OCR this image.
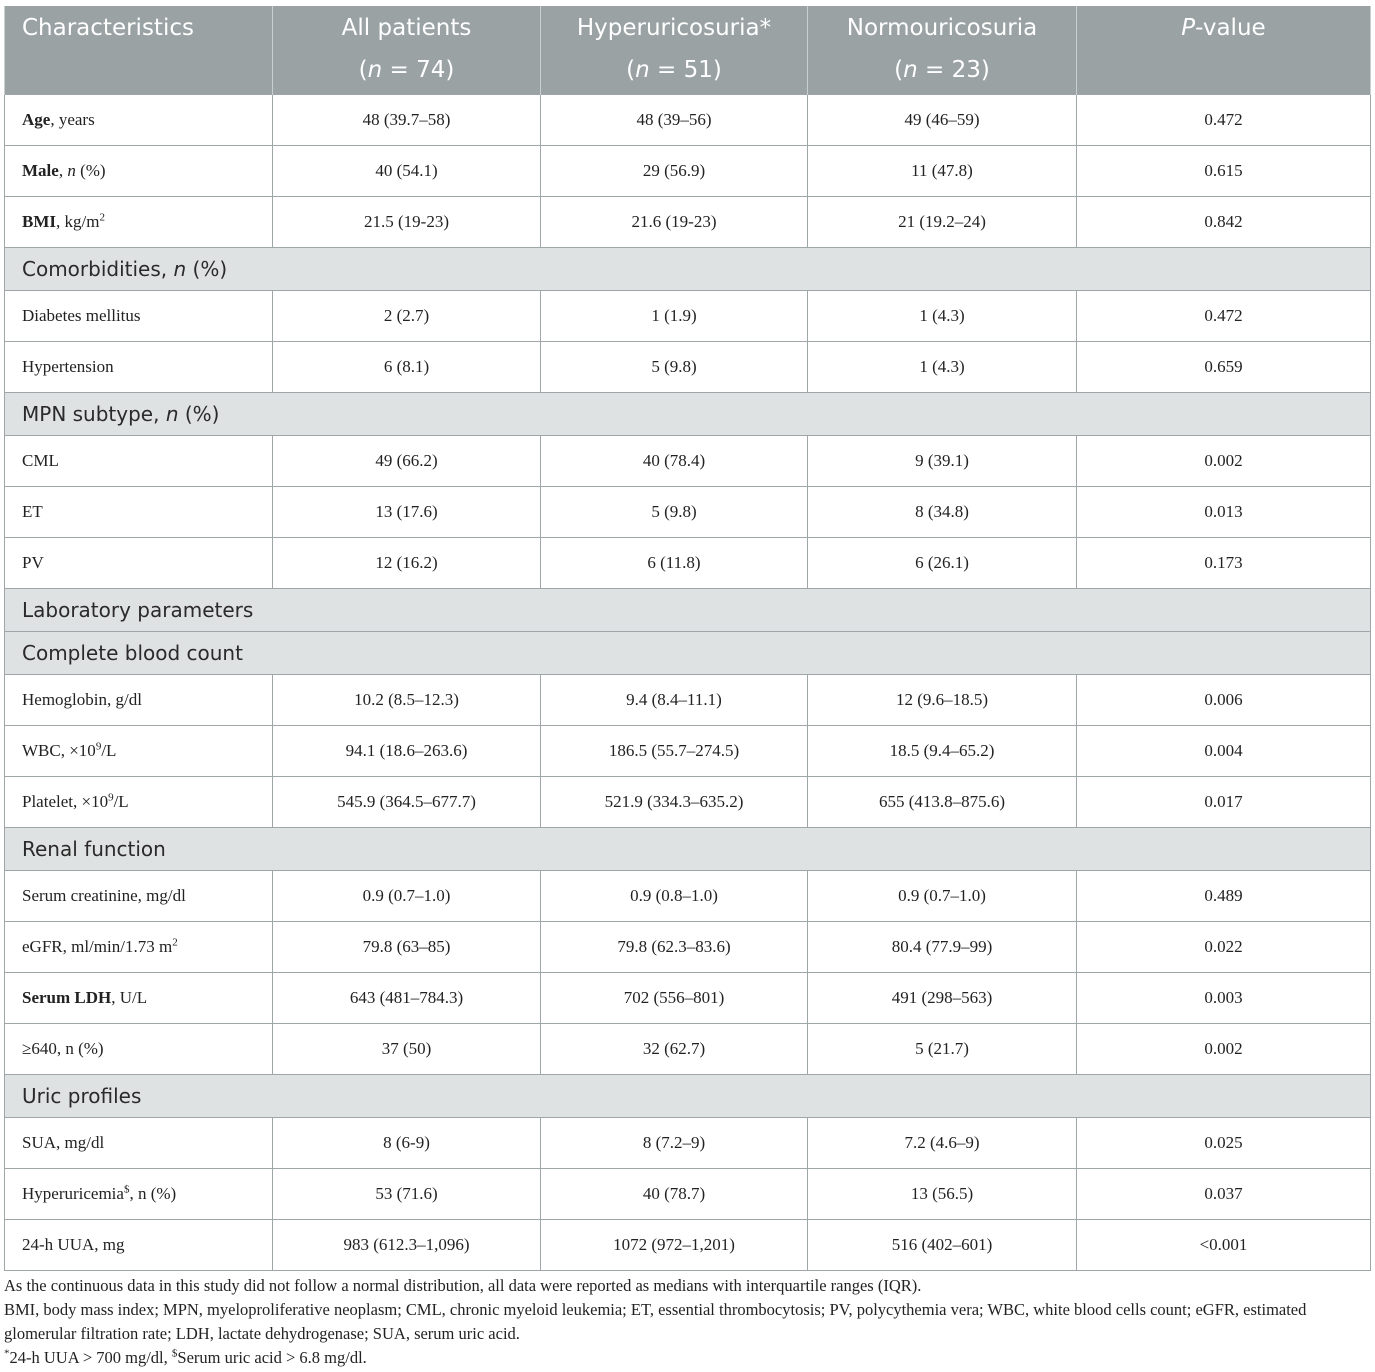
Characteristics	All patients	Hyperuricosuria*	Normouricosuria	P-value
	(n = 74)	(n = 51)	(n = 23)	
Age, years	48 (39.7–58)	48 (39–56)	49 (46–59)	0.472
Male, n (%)	40 (54.1)	29 (56.9)	11 (47.8)	0.615
BMI, $kg/m^2$	21.5 (19-23)	21.6 (19-23)	21 (19.2–24)	0.842
Comorbidities, n (%)				
Diabetes mellitus	2 (2.7)	1 (1.9)	1 (4.3)	0.472
Hypertension	6 (8.1)	5 (9.8)	1 (4.3)	0.659
MPN subtype, n (%)				
CML	49 (66.2)	40 (78.4)	9 (39.1)	0.002
ET	13 (17.6)	5 (9.8)	8 (34.8)	0.013
PV	12 (16.2)	6 (11.8)	6 (26.1)	0.173
Laboratory parameters				
Complete blood count				
Hemoglobin, g/dl	10.2 (8.5–12.3)	9.4 (8.4–11.1)	12 (9.6–18.5)	0.006
WBC, $\times 10^9/L$	94.1 (18.6–263.6)	186.5 (55.7–274.5)	18.5 (9.4–65.2)	0.004
Platelet, $\times 10^9/L$	545.9 (364.5–677.7)	521.9 (334.3–635.2)	655 (413.8–875.6)	0.017
Renal function				
Serum creatinine, mg/dl	0.9 (0.7–1.0)	0.9 (0.8–1.0)	0.9 (0.7–1.0)	0.489
eGFR, ml/min/1.73 $m^2$	79.8 (63–85)	79.8 (62.3–83.6)	80.4 (77.9–99)	0.022
Serum LDH, U/L	643 (481–784.3)	702 (556–801)	491 (298–563)	0.003
≥640, n (%)	37 (50)	32 (62.7)	5 (21.7)	0.002
Uric profiles				
SUA, mg/dl	8 (6-9)	8 (7.2–9)	7.2 (4.6–9)	0.025
Hyperuricemia$, n (%)	53 (71.6)	40 (78.7)	13 (56.5)	0.037
24-h UUA, mg	983 (612.3–1,096)	1072 (972–1,201)	516 (402–601)	<0.001

As the continuous data in this study did not follow a normal distribution, all data were reported as medians with interquartile ranges (IQR).

BMI, body mass index; MPN, myeloproliferative neoplasm; CML, chronic myeloid leukemia; ET, essential thrombocytosis; PV, polycythemia vera; WBC, white blood cells count; eGFR, estimated glomerular filtration rate; LDH, lactate dehydrogenase; SUA, serum uric acid.

*24-h UUA > 700 mg/dl, $Serum uric acid > 6.8 mg/dl.
